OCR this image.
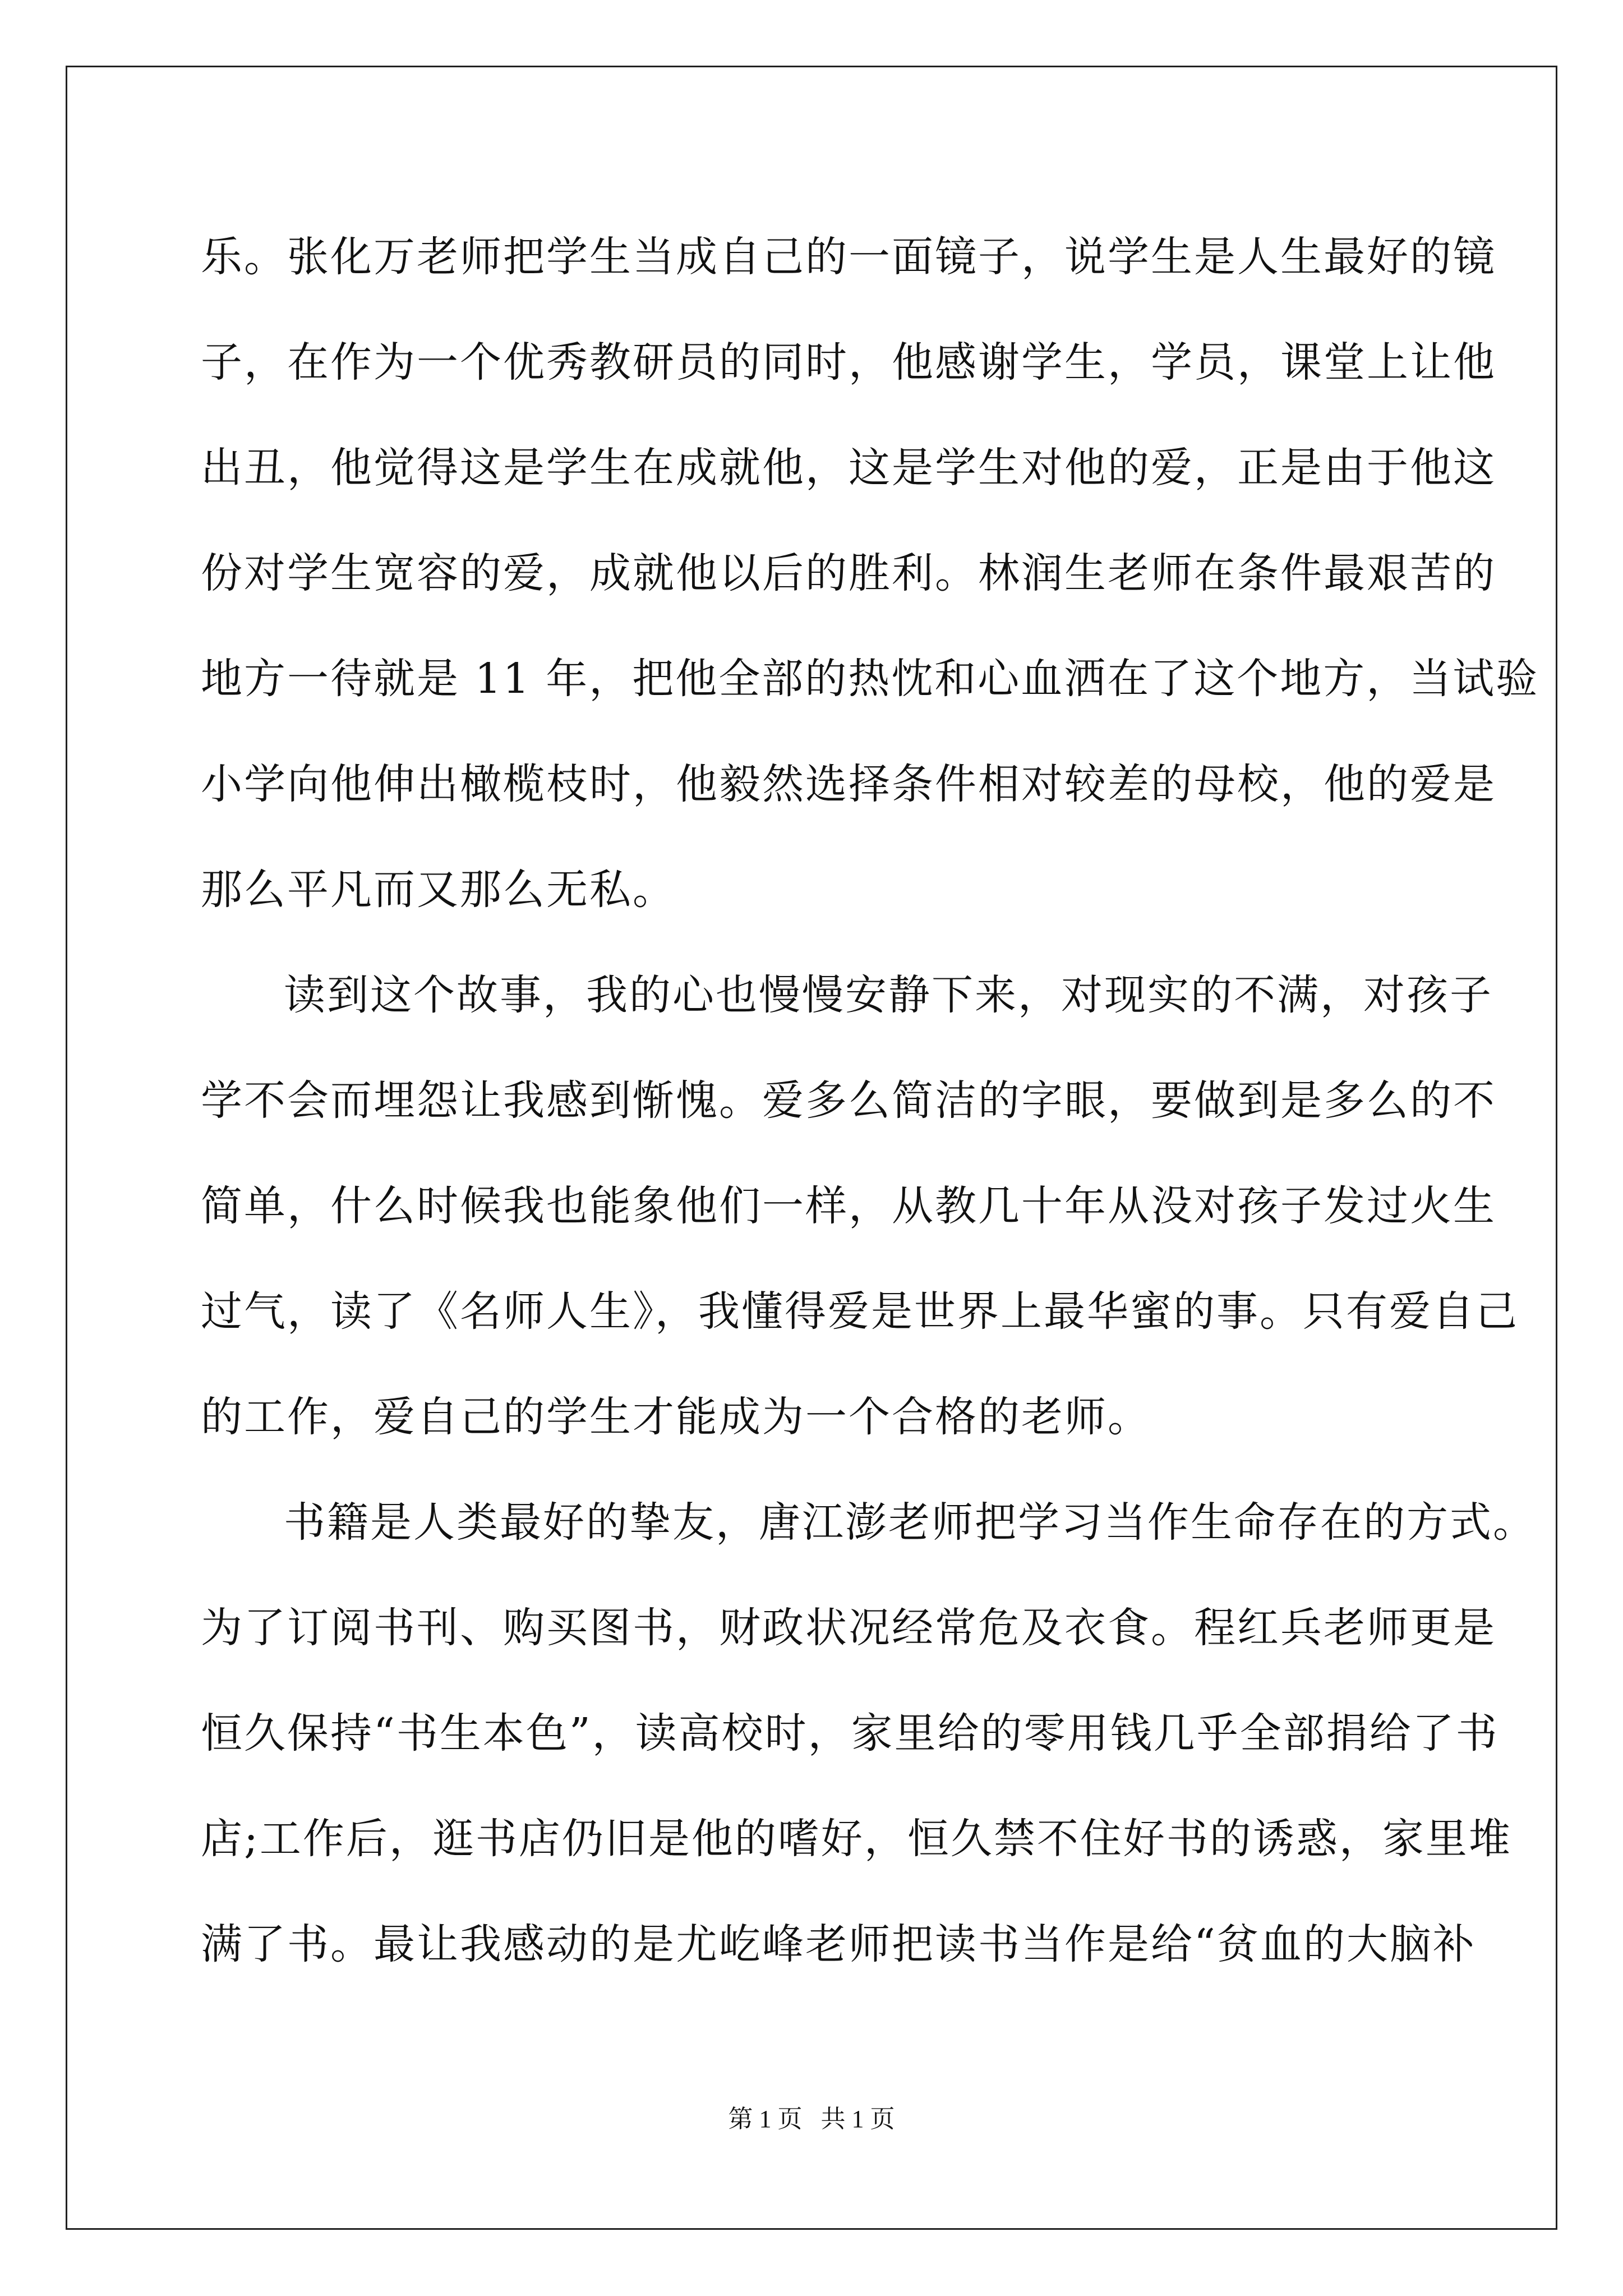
乐。张化万老师把学生当成自己的一面镜子，说学生是人生最好的镜
子，在作为一个优秀教研员的同时，他感谢学生，学员，课堂上让他
出丑，他觉得这是学生在成就他，这是学生对他的爱，正是由于他这
份对学生宽容的爱，成就他以后的胜利。林润生老师在条件最艰苦的
地方一待就是 11 年，把他全部的热忱和心血洒在了这个地方，当试验
小学向他伸出橄榄枝时，他毅然选择条件相对较差的母校，他的爱是
那么平凡而又那么无私。
读到这个故事，我的心也慢慢安静下来，对现实的不满，对孩子
学不会而埋怨让我感到惭愧。爱多么简洁的字眼，要做到是多么的不
简单，什么时候我也能象他们一样，从教几十年从没对孩子发过火生
过气，读了《名师人生》，我懂得爱是世界上最华蜜的事。只有爱自己
的工作，爱自己的学生才能成为一个合格的老师。
书籍是人类最好的挚友，唐江澎老师把学习当作生命存在的方式。
为了订阅书刊、购买图书，财政状况经常危及衣食。程红兵老师更是
恒久保持“书生本色”，读高校时，家里给的零用钱几乎全部捐给了书
店;工作后，逛书店仍旧是他的嗜好，恒久禁不住好书的诱惑，家里堆
满了书。最让我感动的是尤屹峰老师把读书当作是给“贫血的大脑补
第 1 页   共 1 页
